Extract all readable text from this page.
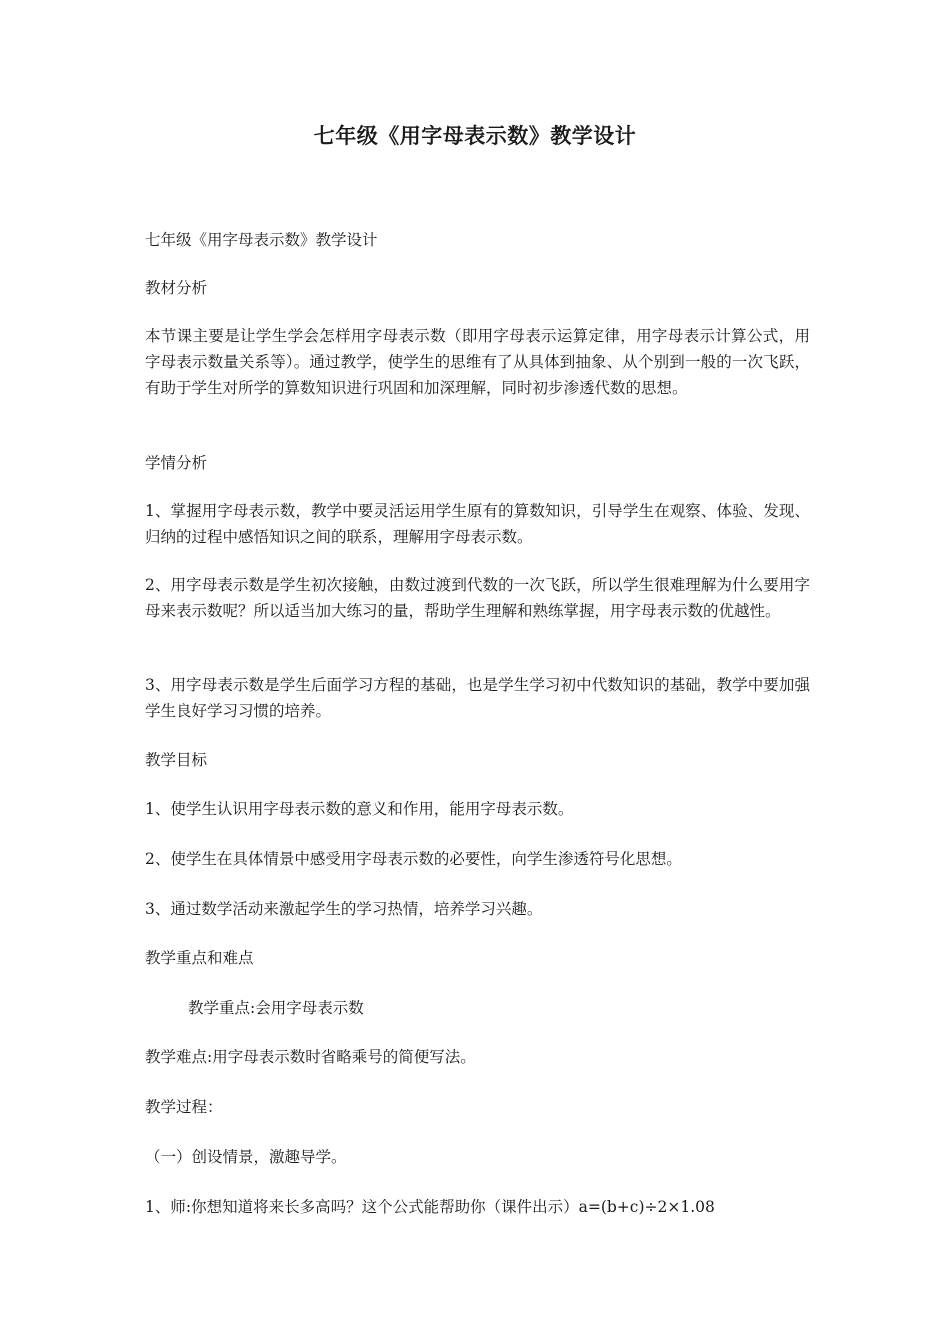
七年级《用字母表示数》教学设计

七年级《用字母表示数》教学设计

教材分析

本节课主要是让学生学会怎样用字母表示数（即用字母表示运算定律，用字母表示计算公式，用字母表示数量关系等）。通过教学，使学生的思维有了从具体到抽象、从个别到一般的一次飞跃，有助于学生对所学的算数知识进行巩固和加深理解，同时初步渗透代数的思想。

学情分析

1、掌握用字母表示数，教学中要灵活运用学生原有的算数知识，引导学生在观察、体验、发现、归纳的过程中感悟知识之间的联系，理解用字母表示数。

2、用字母表示数是学生初次接触，由数过渡到代数的一次飞跃，所以学生很难理解为什么要用字母来表示数呢？所以适当加大练习的量，帮助学生理解和熟练掌握，用字母表示数的优越性。

3、用字母表示数是学生后面学习方程的基础，也是学生学习初中代数知识的基础，教学中要加强学生良好学习习惯的培养。

教学目标

1、使学生认识用字母表示数的意义和作用，能用字母表示数。

2、使学生在具体情景中感受用字母表示数的必要性，向学生渗透符号化思想。

3、通过数学活动来激起学生的学习热情，培养学习兴趣。

教学重点和难点

教学重点:会用字母表示数

教学难点:用字母表示数时省略乘号的简便写法。

教学过程：

（一）创设情景，激趣导学。

1、师:你想知道将来长多高吗？这个公式能帮助你（课件出示）a=(b+c)÷2×1.08
